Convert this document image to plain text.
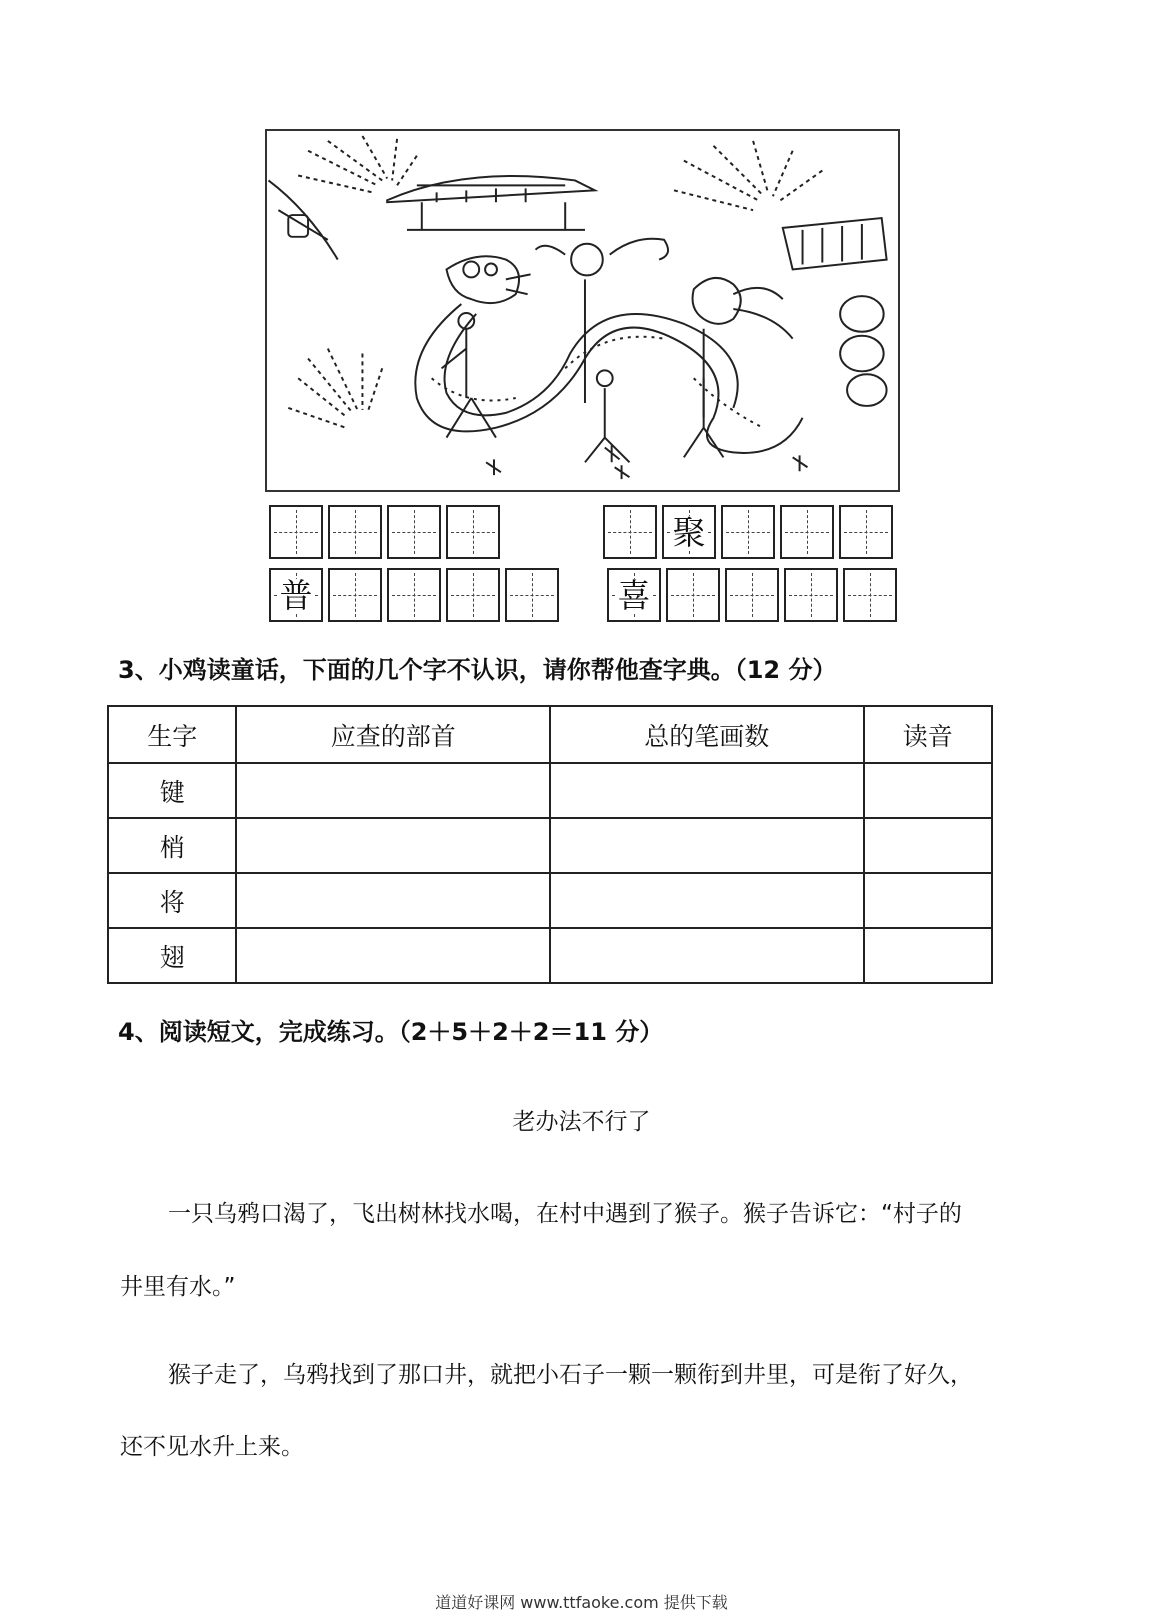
普
聚
喜
3、小鸡读童话，下面的几个字不认识，请你帮他查字典。（12 分）
生字	应查的部首	总的笔画数	读音
键			
梢			
将			
翅			
4、阅读短文，完成练习。（2＋5＋2＋2＝11 分）
老办法不行了
一只乌鸦口渴了，飞出树林找水喝，在村中遇到了猴子。猴子告诉它：“村子的
井里有水。”
猴子走了，乌鸦找到了那口井，就把小石子一颗一颗衔到井里，可是衔了好久，
还不见水升上来。
道道好课网 www.ttfaoke.com 提供下载
